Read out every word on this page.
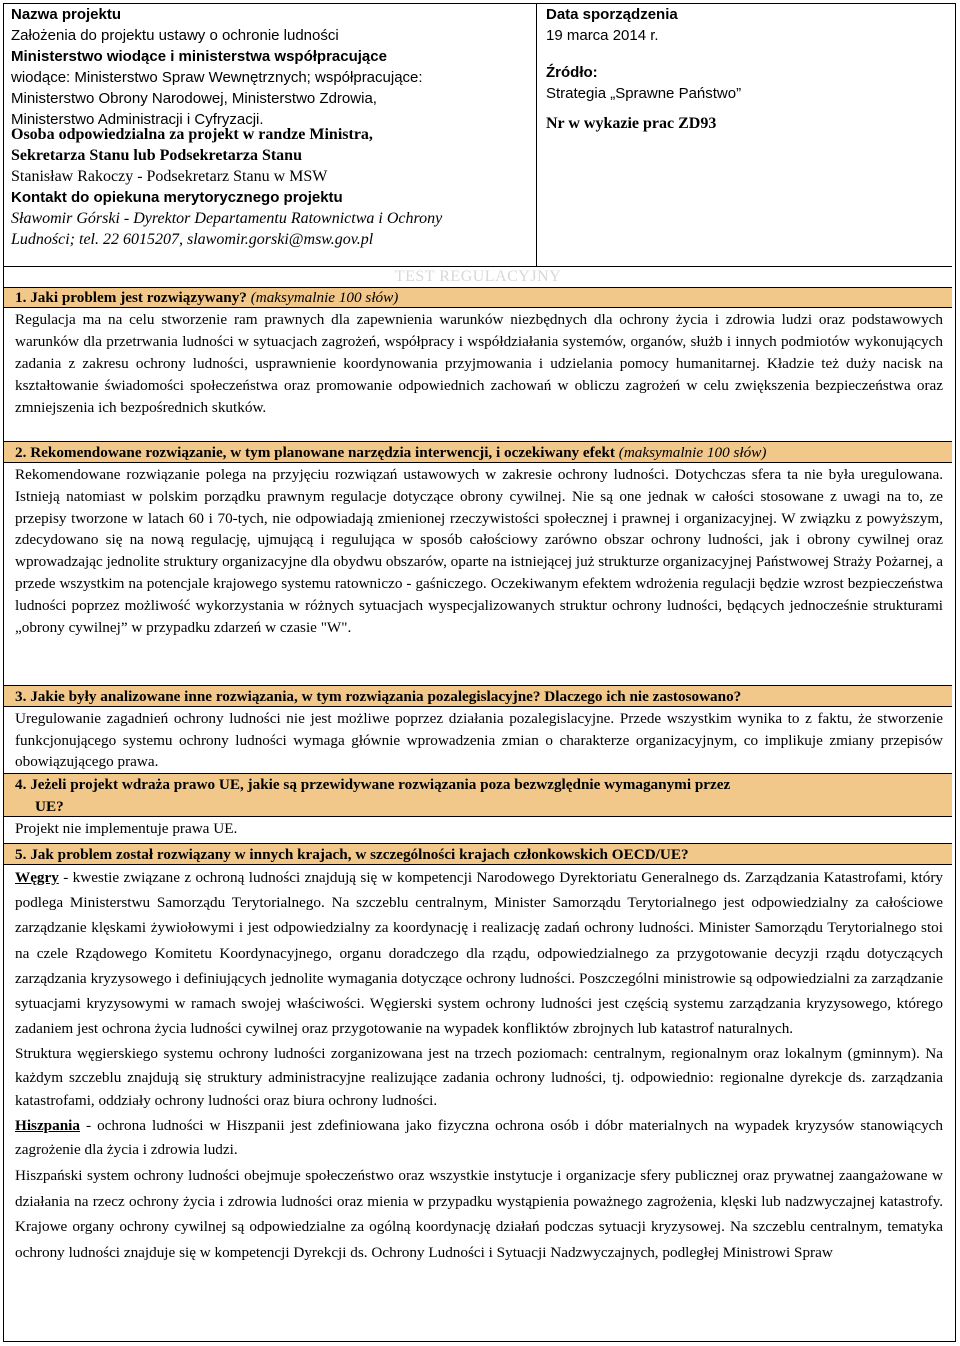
Nazwa projektu
Założenia do projektu ustawy o ochronie ludności
Ministerstwo wiodące i ministerstwa współpracujące
wiodące: Ministerstwo Spraw Wewnętrznych; współpracujące:
Ministerstwo Obrony Narodowej, Ministerstwo Zdrowia,
Ministerstwo Administracji i Cyfryzacji.
Osoba odpowiedzialna za projekt w randze Ministra,
Sekretarza Stanu lub Podsekretarza Stanu
Stanisław Rakoczy - Podsekretarz Stanu w MSW
Kontakt do opiekuna merytorycznego projektu
Sławomir Górski - Dyrektor Departamentu Ratownictwa i Ochrony
Ludności; tel. 22 6015207, slawomir.gorski@msw.gov.pl
Data sporządzenia
19 marca 2014 r.
Źródło:
Strategia „Sprawne Państwo”
Nr w wykazie prac ZD93
TEST REGULACYJNY
1. Jaki problem jest rozwiązywany? (maksymalnie 100 słów)

Regulacja ma na celu stworzenie ram prawnych dla zapewnienia warunków niezbędnych dla ochrony życia i zdrowia ludzi oraz podstawowych warunków dla przetrwania ludności w sytuacjach zagrożeń, współpracy i współdziałania systemów, organów, służb i innych podmiotów wykonujących zadania z zakresu ochrony ludności, usprawnienie koordynowania przyjmowania i udzielania pomocy humanitarnej. Kładzie też duży nacisk na kształtowanie świadomości społeczeństwa oraz promowanie odpowiednich zachowań w obliczu zagrożeń w celu zwiększenia bezpieczeństwa oraz zmniejszenia ich bezpośrednich skutków.

2. Rekomendowane rozwiązanie, w tym planowane narzędzia interwencji, i oczekiwany efekt (maksymalnie 100 słów)

Rekomendowane rozwiązanie polega na przyjęciu rozwiązań ustawowych w zakresie ochrony ludności. Dotychczas sfera ta nie była uregulowana. Istnieją natomiast w polskim porządku prawnym regulacje dotyczące obrony cywilnej. Nie są one jednak w całości stosowane z uwagi na to, ze przepisy tworzone w latach 60 i 70-tych, nie odpowiadają zmienionej rzeczywistości społecznej i prawnej i organizacyjnej. W związku z powyższym, zdecydowano się na nową regulację, ujmującą i regulująca w sposób całościowy zarówno obszar ochrony ludności, jak i obrony cywilnej oraz wprowadzając jednolite struktury organizacyjne dla obydwu obszarów, oparte na istniejącej już strukturze organizacyjnej Państwowej Straży Pożarnej, a przede wszystkim na potencjale krajowego systemu ratowniczo - gaśniczego. Oczekiwanym efektem wdrożenia regulacji będzie wzrost bezpieczeństwa ludności poprzez możliwość wykorzystania w różnych sytuacjach wyspecjalizowanych struktur ochrony ludności, będących jednocześnie strukturami „obrony cywilnej” w przypadku zdarzeń w czasie "W".

3. Jakie były analizowane inne rozwiązania, w tym rozwiązania pozalegislacyjne? Dlaczego ich nie zastosowano?

Uregulowanie zagadnień ochrony ludności nie jest możliwe poprzez działania pozalegislacyjne. Przede wszystkim wynika to z faktu, że stworzenie funkcjonującego systemu ochrony ludności wymaga głównie wprowadzenia zmian o charakterze organizacyjnym, co implikuje zmiany przepisów obowiązującego prawa.

4. Jeżeli projekt wdraża prawo UE, jakie są przewidywane rozwiązania poza bezwzględnie wymaganymi przez
UE?

Projekt nie implementuje prawa UE.

5. Jak problem został rozwiązany w innych krajach, w szczególności krajach członkowskich OECD/UE?

Węgry - kwestie związane z ochroną ludności znajdują się w kompetencji Narodowego Dyrektoriatu Generalnego ds. Zarządzania Katastrofami, który podlega Ministerstwu Samorządu Terytorialnego. Na szczeblu centralnym, Minister Samorządu Terytorialnego jest odpowiedzialny za całościowe zarządzanie klęskami żywiołowymi i jest odpowiedzialny za koordynację i realizację zadań ochrony ludności. Minister Samorządu Terytorialnego stoi na czele Rządowego Komitetu Koordynacyjnego, organu doradczego dla rządu, odpowiedzialnego za przygotowanie decyzji rządu dotyczących zarządzania kryzysowego i definiujących jednolite wymagania dotyczące ochrony ludności. Poszczególni ministrowie są odpowiedzialni za zarządzanie sytuacjami kryzysowymi w ramach swojej właściwości. Węgierski system ochrony ludności jest częścią systemu zarządzania kryzysowego, którego zadaniem jest ochrona życia ludności cywilnej oraz przygotowanie na wypadek konfliktów zbrojnych lub katastrof naturalnych.

Struktura węgierskiego systemu ochrony ludności zorganizowana jest na trzech poziomach: centralnym, regionalnym oraz lokalnym (gminnym). Na każdym szczeblu znajdują się struktury administracyjne realizujące zadania ochrony ludności, tj. odpowiednio: regionalne dyrekcje ds. zarządzania katastrofami, oddziały ochrony ludności oraz biura ochrony ludności.

Hiszpania - ochrona ludności w Hiszpanii jest zdefiniowana jako fizyczna ochrona osób i dóbr materialnych na wypadek kryzysów stanowiących zagrożenie dla życia i zdrowia ludzi.

Hiszpański system ochrony ludności obejmuje społeczeństwo oraz wszystkie instytucje i organizacje sfery publicznej oraz prywatnej zaangażowane w działania na rzecz ochrony życia i zdrowia ludności oraz mienia w przypadku wystąpienia poważnego zagrożenia, klęski lub nadzwyczajnej katastrofy. Krajowe organy ochrony cywilnej są odpowiedzialne za ogólną koordynację działań podczas sytuacji kryzysowej. Na szczeblu centralnym, tematyka ochrony ludności znajduje się w kompetencji Dyrekcji ds. Ochrony Ludności i Sytuacji Nadzwyczajnych, podległej Ministrowi Spraw
